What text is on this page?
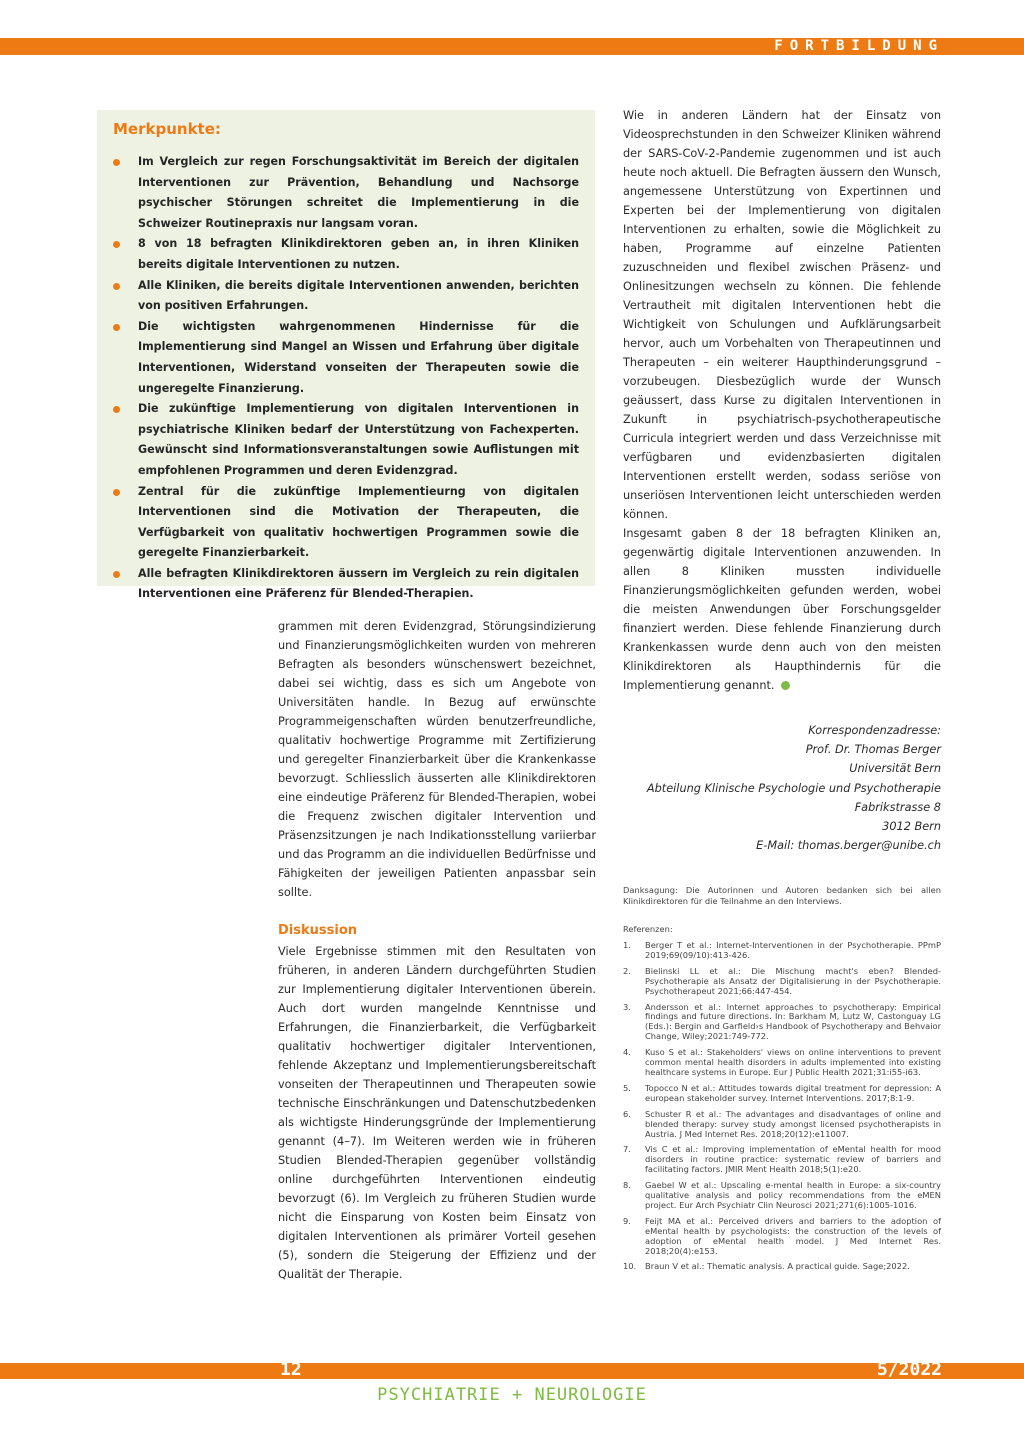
FORTBILDUNG
Merkpunkte:
Im Vergleich zur regen Forschungsaktivität im Bereich der digitalen Interventionen zur Prävention, Behandlung und Nachsorge psychischer Störungen schreitet die Implementierung in die Schweizer Routinepraxis nur langsam voran.
8 von 18 befragten Klinikdirektoren geben an, in ihren Kliniken bereits digitale Interventionen zu nutzen.
Alle Kliniken, die bereits digitale Interventionen anwenden, berichten von positiven Erfahrungen.
Die wichtigsten wahrgenommenen Hindernisse für die Implementierung sind Mangel an Wissen und Erfahrung über digitale Interventionen, Widerstand vonseiten der Therapeuten sowie die ungeregelte Finanzierung.
Die zukünftige Implementierung von digitalen Interventionen in psychiatrische Kliniken bedarf der Unterstützung von Fachexperten. Gewünscht sind Informationsveranstaltungen sowie Auflistungen mit empfohlenen Programmen und deren Evidenzgrad.
Zentral für die zukünftige Implementieurng von digitalen Interventionen sind die Motivation der Therapeuten, die Verfügbarkeit von qualitativ hochwertigen Programmen sowie die geregelte Finanzierbarkeit.
Alle befragten Klinikdirektoren äussern im Vergleich zu rein digitalen Interventionen eine Präferenz für Blended-Therapien.

grammen mit deren Evidenzgrad, Störungsindizierung und Finanzierungsmöglichkeiten wurden von mehreren Befragten als besonders wünschenswert bezeichnet, dabei sei wichtig, dass es sich um Angebote von Universitäten handle. In Bezug auf erwünschte Programmeigenschaften würden benutzerfreundliche, qualitativ hochwertige Programme mit Zertifizierung und geregelter Finanzierbarkeit über die Krankenkasse bevorzugt. Schliesslich äusserten alle Klinikdirektoren eine eindeutige Präferenz für Blended-Therapien, wobei die Frequenz zwischen digitaler Intervention und Präsenzsitzungen je nach Indikationsstellung variierbar und das Programm an die individuellen Bedürfnisse und Fähigkeiten der jeweiligen Patienten anpassbar sein sollte.

Diskussion

Viele Ergebnisse stimmen mit den Resultaten von früheren, in anderen Ländern durchgeführten Studien zur Implementierung digitaler Interventionen überein. Auch dort wurden mangelnde Kenntnisse und Erfahrungen, die Finanzierbarkeit, die Verfügbarkeit qualitativ hochwertiger digitaler Interventionen, fehlende Akzeptanz und Implementierungsbereitschaft vonseiten der Therapeutinnen und Therapeuten sowie technische Einschränkungen und Datenschutzbedenken als wichtigste Hinderungsgründe der Implementierung genannt (4–7). Im Weiteren werden wie in früheren Studien Blended-Therapien gegenüber vollständig online durchgeführten Interventionen eindeutig bevorzugt (6). Im Vergleich zu früheren Studien wurde nicht die Einsparung von Kosten beim Einsatz von digitalen Interventionen als primärer Vorteil gesehen (5), sondern die Steigerung der Effizienz und der Qualität der Therapie.

Wie in anderen Ländern hat der Einsatz von Videosprechstunden in den Schweizer Kliniken während der SARS-CoV-2-Pandemie zugenommen und ist auch heute noch aktuell. Die Befragten äussern den Wunsch, angemessene Unterstützung von Expertinnen und Experten bei der Implementierung von digitalen Interventionen zu erhalten, sowie die Möglichkeit zu haben, Programme auf einzelne Patienten zuzuschneiden und flexibel zwischen Präsenz- und Onlinesitzungen wechseln zu können. Die fehlende Vertrautheit mit digitalen Interventionen hebt die Wichtigkeit von Schulungen und Aufklärungsarbeit hervor, auch um Vorbehalten von Therapeutinnen und Therapeuten – ein weiterer Haupthinderungsgrund – vorzubeugen. Diesbezüglich wurde der Wunsch geäussert, dass Kurse zu digitalen Interventionen in Zukunft in psychiatrisch-psychotherapeutische Curricula integriert werden und dass Verzeichnisse mit verfügbaren und evidenzbasierten digitalen Interventionen erstellt werden, sodass seriöse von unseriösen Interventionen leicht unterschieden werden können.

Insgesamt gaben 8 der 18 befragten Kliniken an, gegenwärtig digitale Interventionen anzuwenden. In allen 8 Kliniken mussten individuelle Finanzierungsmöglichkeiten gefunden werden, wobei die meisten Anwendungen über Forschungsgelder finanziert werden. Diese fehlende Finanzierung durch Krankenkassen wurde denn auch von den meisten Klinikdirektoren als Haupthindernis für die Implementierung genannt.

Korrespondenzadresse:
Prof. Dr. Thomas Berger
Universität Bern
Abteilung Klinische Psychologie und Psychotherapie
Fabrikstrasse 8
3012 Bern
E-Mail: thomas.berger@unibe.ch
Danksagung: Die Autorinnen und Autoren bedanken sich bei allen Klinikdirektoren für die Teilnahme an den Interviews.
Referenzen:
1. Berger T et al.: Internet-Interventionen in der Psychotherapie. PPmP 2019;69(09/10):413-426.
2. Bielinski LL et al.: Die Mischung macht's eben? Blended-Psychotherapie als Ansatz der Digitalisierung in der Psychotherapie. Psychotherapeut 2021;66:447-454.
3. Andersson et al.: Internet approaches to psychotherapy: Empirical findings and future directions. In: Barkham M, Lutz W, Castonguay LG (Eds.): Bergin and Garfield›s Handbook of Psychotherapy and Behvaior Change, Wiley;2021:749-772.
4. Kuso S et al.: Stakeholders' views on online interventions to prevent common mental health disorders in adults implemented into existing healthcare systems in Europe. Eur J Public Health 2021;31:i55-i63.
5. Topocco N et al.: Attitudes towards digital treatment for depression: A european stakeholder survey. Internet Interventions. 2017;8:1-9.
6. Schuster R et al.: The advantages and disadvantages of online and blended therapy: survey study amongst licensed psychotherapists in Austria. J Med Internet Res. 2018;20(12):e11007.
7. Vis C et al.: Improving implementation of eMental health for mood disorders in routine practice: systematic review of barriers and facilitating factors. JMIR Ment Health 2018;5(1):e20.
8. Gaebel W et al.: Upscaling e-mental health in Europe: a six-country qualitative analysis and policy recommendations from the eMEN project. Eur Arch Psychiatr Clin Neurosci 2021;271(6):1005-1016.
9. Feijt MA et al.: Perceived drivers and barriers to the adoption of eMental health by psychologists: the construction of the levels of adoption of eMental health model. J Med Internet Res. 2018;20(4):e153.
10. Braun V et al.: Thematic analysis. A practical guide. Sage;2022.
12	5/2022
PSYCHIATRIE + NEUROLOGIE
